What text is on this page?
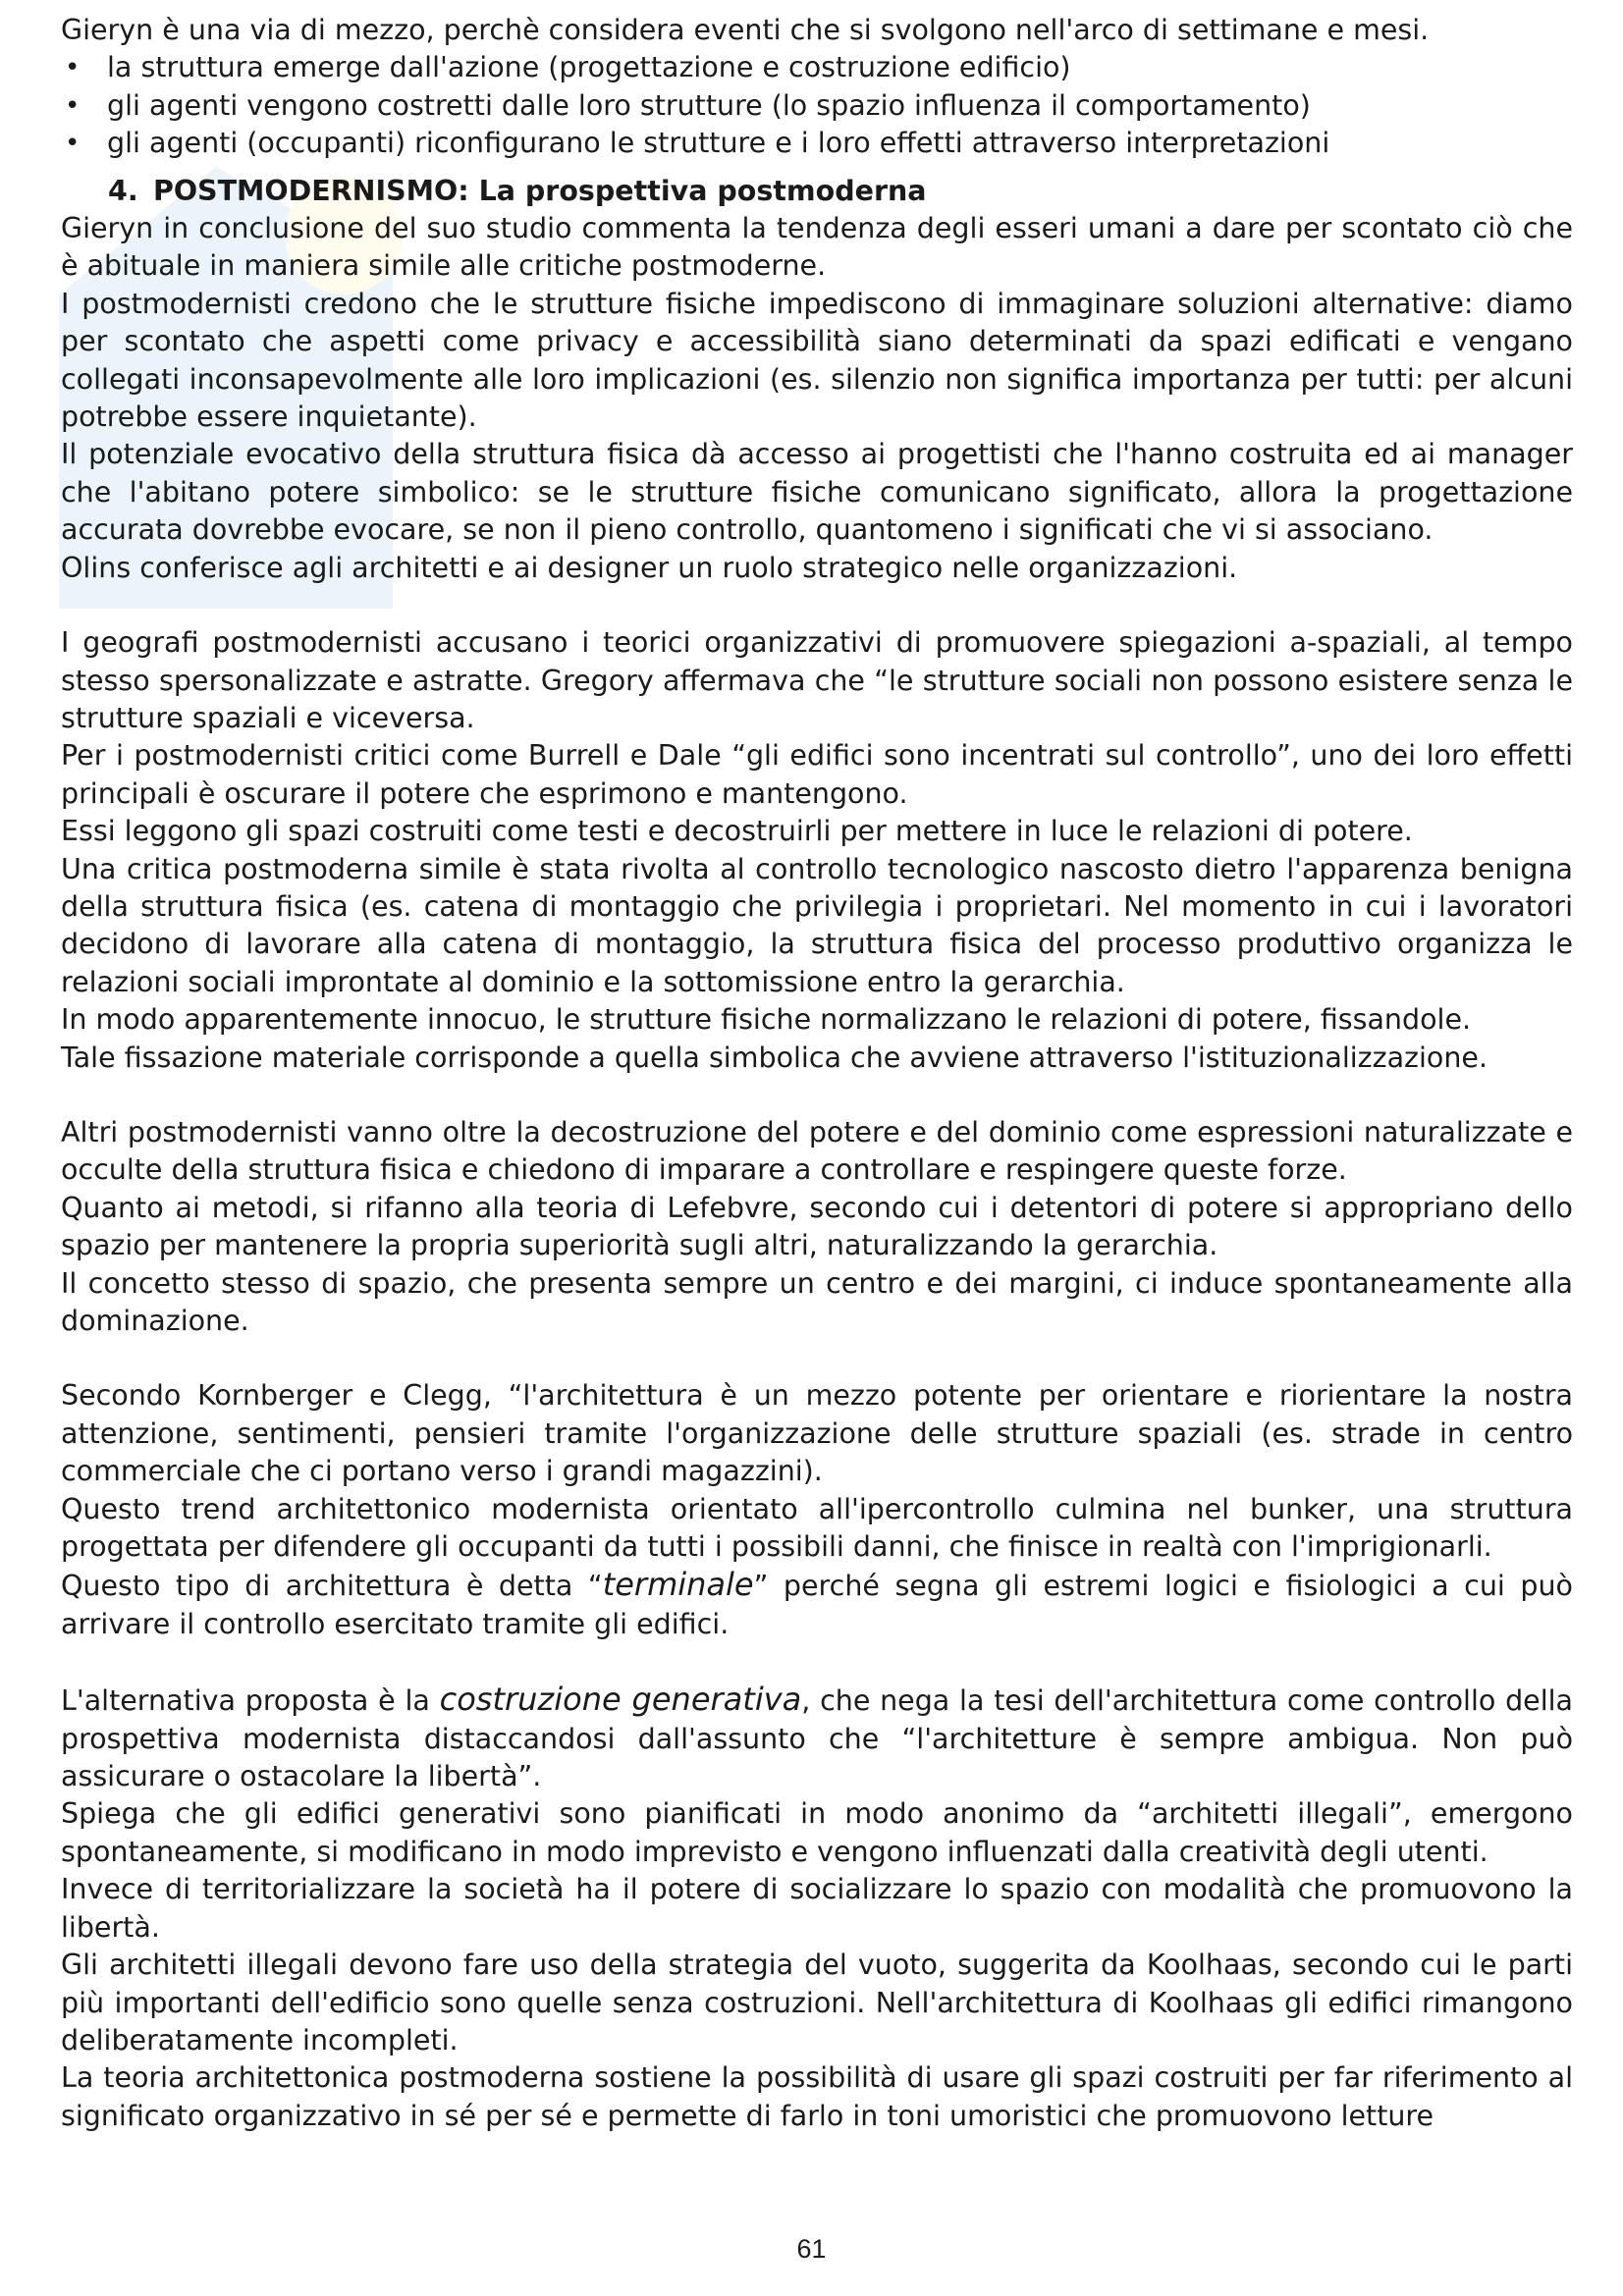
Gieryn è una via di mezzo, perchè considera eventi che si svolgono nell'arco di settimane e mesi.

• la struttura emerge dall'azione (progettazione e costruzione edificio)
• gli agenti vengono costretti dalle loro strutture (lo spazio influenza il comportamento)
• gli agenti (occupanti) riconfigurano le strutture e i loro effetti attraverso interpretazioni
4. POSTMODERNISMO: La prospettiva postmoderna

Gieryn in conclusione del suo studio commenta la tendenza degli esseri umani a dare per scontato ciò che è abituale in maniera simile alle critiche postmoderne.

I postmodernisti credono che le strutture fisiche impediscono di immaginare soluzioni alternative: diamo per scontato che aspetti come privacy e accessibilità siano determinati da spazi edificati e vengano collegati inconsapevolmente alle loro implicazioni (es. silenzio non significa importanza per tutti: per alcuni potrebbe essere inquietante).

Il potenziale evocativo della struttura fisica dà accesso ai progettisti che l'hanno costruita ed ai manager che l'abitano potere simbolico: se le strutture fisiche comunicano significato, allora la progettazione accurata dovrebbe evocare, se non il pieno controllo, quantomeno i significati che vi si associano.

Olins conferisce agli architetti e ai designer un ruolo strategico nelle organizzazioni.

I geografi postmodernisti accusano i teorici organizzativi di promuovere spiegazioni a-spaziali, al tempo stesso spersonalizzate e astratte. Gregory affermava che “le strutture sociali non possono esistere senza le strutture spaziali e viceversa.

Per i postmodernisti critici come Burrell e Dale “gli edifici sono incentrati sul controllo”, uno dei loro effetti principali è oscurare il potere che esprimono e mantengono.

Essi leggono gli spazi costruiti come testi e decostruirli per mettere in luce le relazioni di potere.

Una critica postmoderna simile è stata rivolta al controllo tecnologico nascosto dietro l'apparenza benigna della struttura fisica (es. catena di montaggio che privilegia i proprietari. Nel momento in cui i lavoratori decidono di lavorare alla catena di montaggio, la struttura fisica del processo produttivo organizza le relazioni sociali improntate al dominio e la sottomissione entro la gerarchia.

In modo apparentemente innocuo, le strutture fisiche normalizzano le relazioni di potere, fissandole.

Tale fissazione materiale corrisponde a quella simbolica che avviene attraverso l'istituzionalizzazione.

Altri postmodernisti vanno oltre la decostruzione del potere e del dominio come espressioni naturalizzate e occulte della struttura fisica e chiedono di imparare a controllare e respingere queste forze.

Quanto ai metodi, si rifanno alla teoria di Lefebvre, secondo cui i detentori di potere si appropriano dello spazio per mantenere la propria superiorità sugli altri, naturalizzando la gerarchia.

Il concetto stesso di spazio, che presenta sempre un centro e dei margini, ci induce spontaneamente alla dominazione.

Secondo Kornberger e Clegg, “l'architettura è un mezzo potente per orientare e riorientare la nostra attenzione, sentimenti, pensieri tramite l'organizzazione delle strutture spaziali (es. strade in centro commerciale che ci portano verso i grandi magazzini).

Questo trend architettonico modernista orientato all'ipercontrollo culmina nel bunker, una struttura progettata per difendere gli occupanti da tutti i possibili danni, che finisce in realtà con l'imprigionarli.

Questo tipo di architettura è detta “terminale” perché segna gli estremi logici e fisiologici a cui può arrivare il controllo esercitato tramite gli edifici.

L'alternativa proposta è la costruzione generativa, che nega la tesi dell'architettura come controllo della prospettiva modernista distaccandosi dall'assunto che “l'architetture è sempre ambigua. Non può assicurare o ostacolare la libertà”.

Spiega che gli edifici generativi sono pianificati in modo anonimo da “architetti illegali”, emergono spontaneamente, si modificano in modo imprevisto e vengono influenzati dalla creatività degli utenti.

Invece di territorializzare la società ha il potere di socializzare lo spazio con modalità che promuovono la libertà.

Gli architetti illegali devono fare uso della strategia del vuoto, suggerita da Koolhaas, secondo cui le parti più importanti dell'edificio sono quelle senza costruzioni. Nell'architettura di Koolhaas gli edifici rimangono deliberatamente incompleti.

La teoria architettonica postmoderna sostiene la possibilità di usare gli spazi costruiti per far riferimento al significato organizzativo in sé per sé e permette di farlo in toni umoristici che promuovono letture

61
